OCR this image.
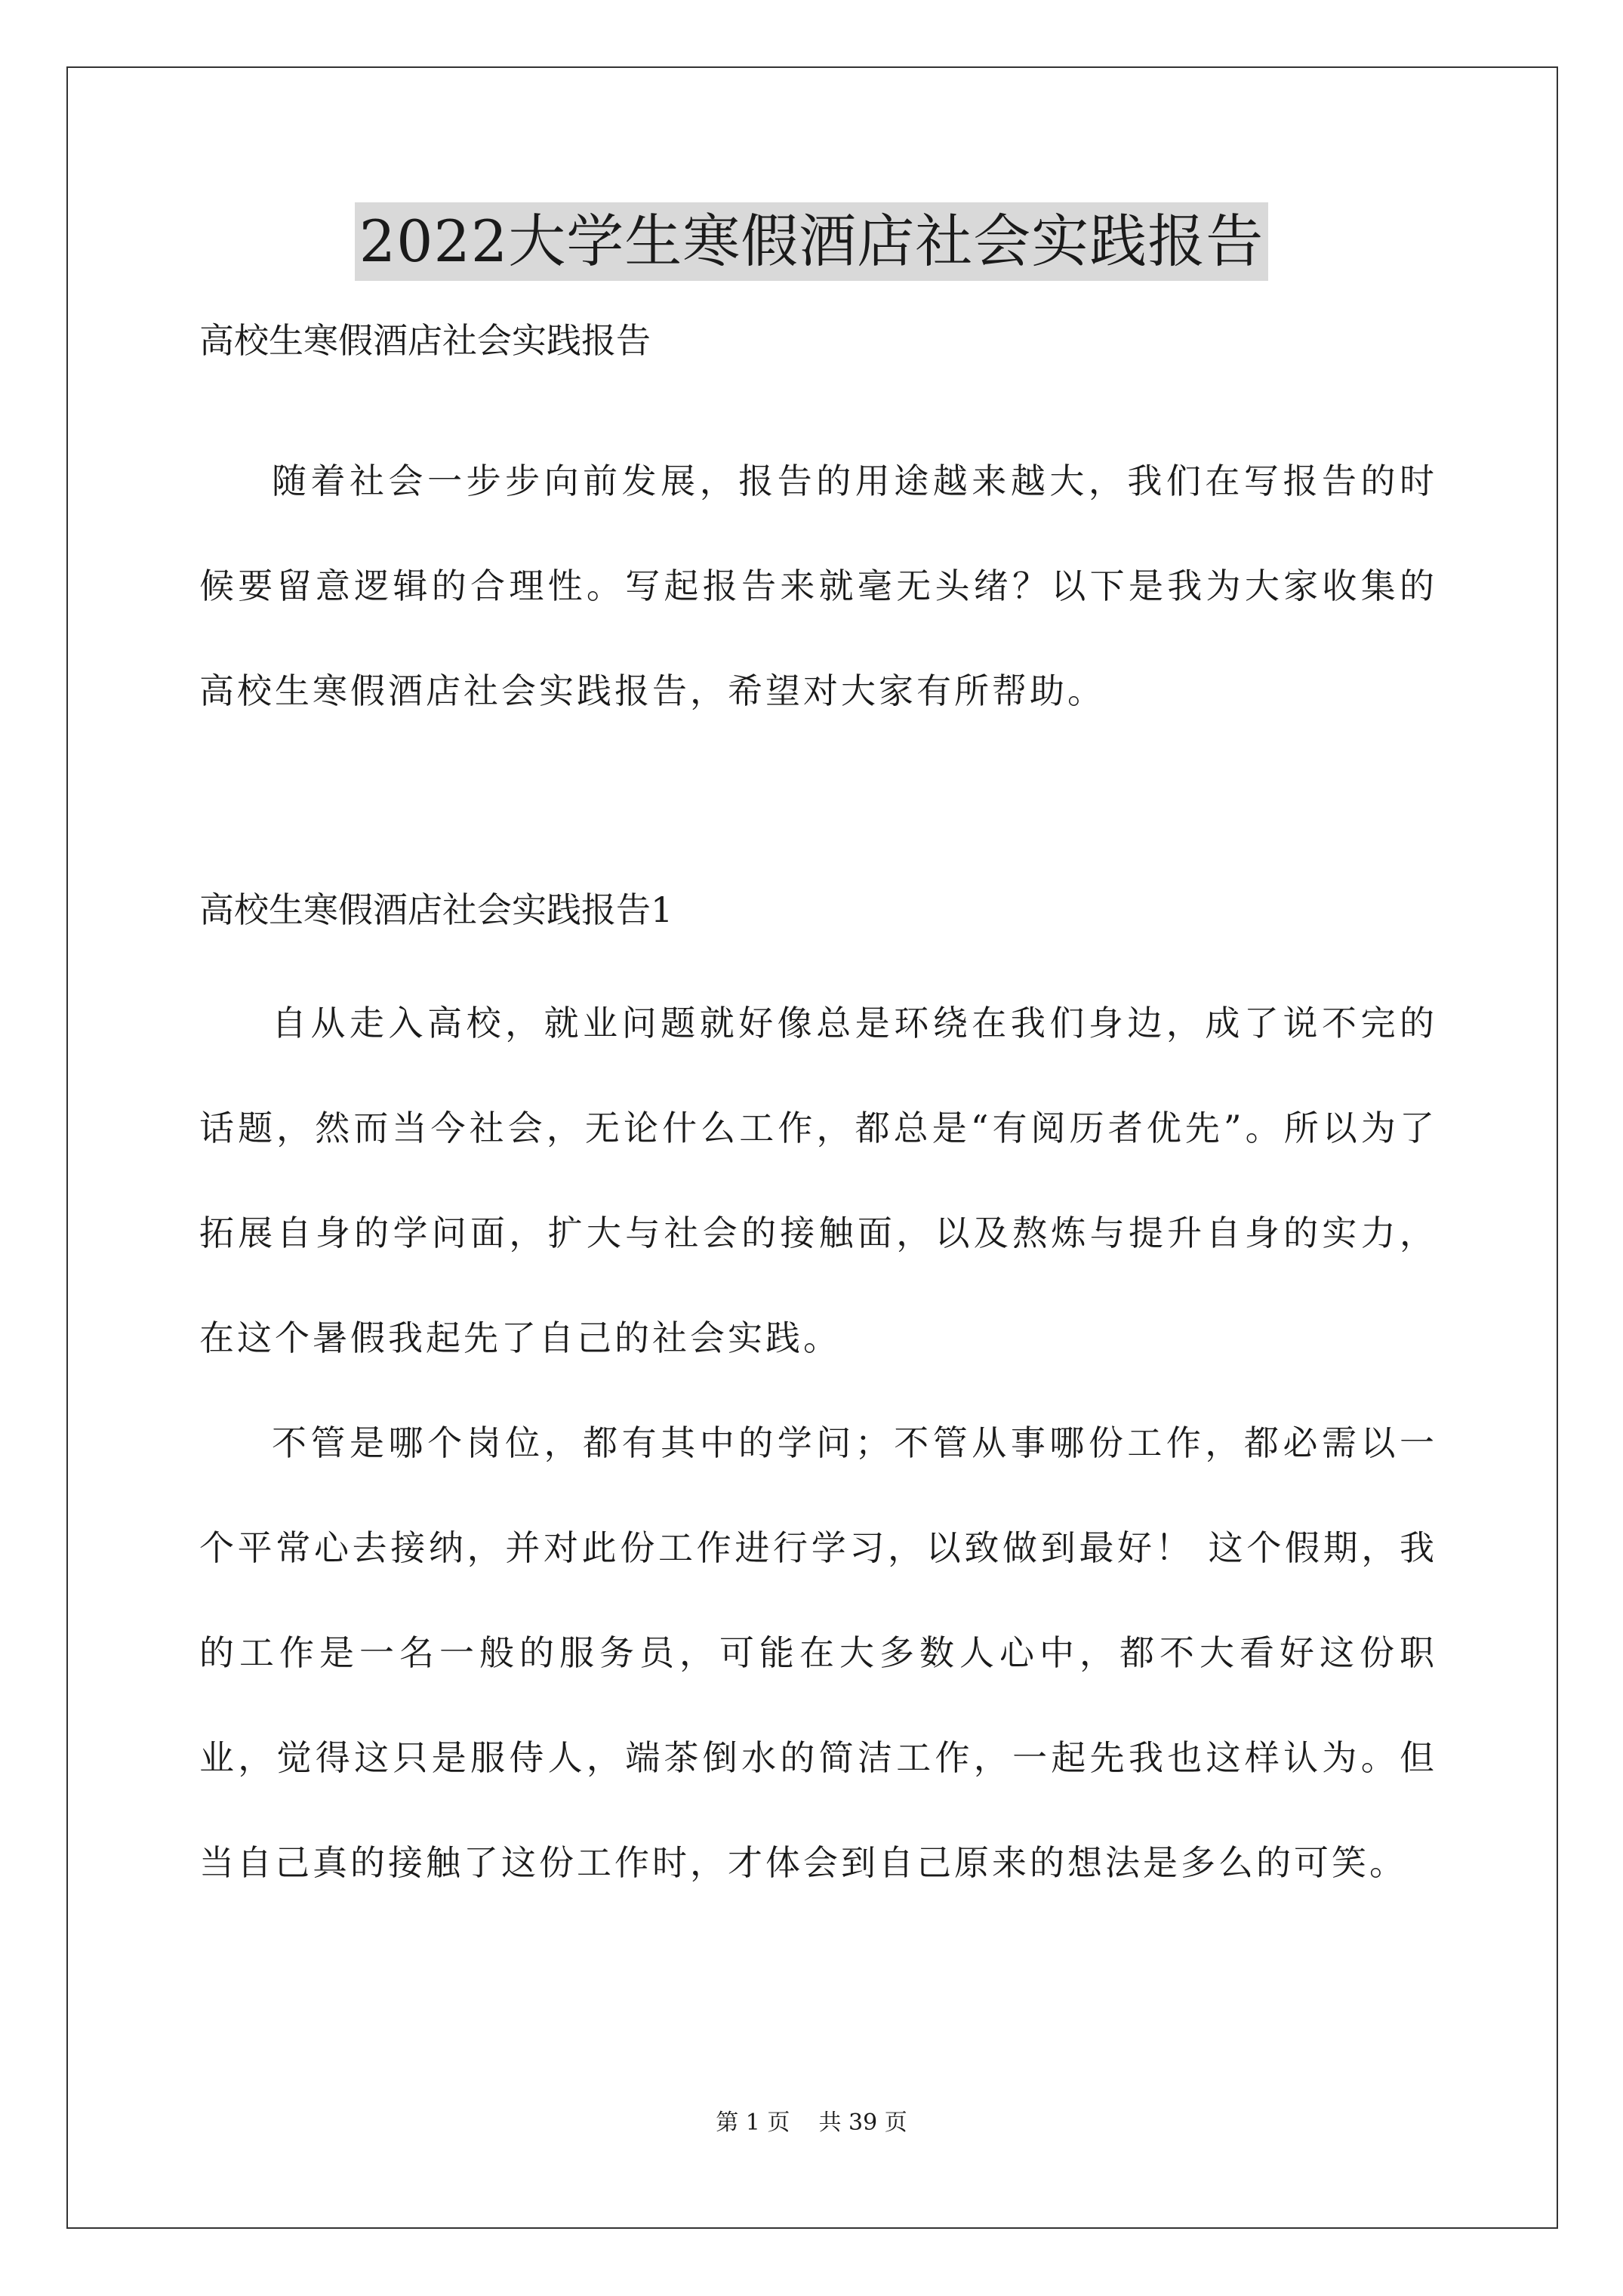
2022大学生寒假酒店社会实践报告

高校生寒假酒店社会实践报告

随着社会一步步向前发展，报告的用途越来越大，我们在写报告的时候要留意逻辑的合理性。写起报告来就毫无头绪？以下是我为大家收集的高校生寒假酒店社会实践报告，希望对大家有所帮助。

高校生寒假酒店社会实践报告1

自从走入高校，就业问题就好像总是环绕在我们身边，成了说不完的话题，然而当今社会，无论什么工作，都总是“有阅历者优先”。所以为了拓展自身的学问面，扩大与社会的接触面，以及熬炼与提升自身的实力，在这个暑假我起先了自己的社会实践。

不管是哪个岗位，都有其中的学问；不管从事哪份工作，都必需以一个平常心去接纳，并对此份工作进行学习，以致做到最好！ 这个假期，我的工作是一名一般的服务员，可能在大多数人心中，都不大看好这份职业，觉得这只是服侍人，端茶倒水的简洁工作，一起先我也这样认为。但当自己真的接触了这份工作时，才体会到自己原来的想法是多么的可笑。

第 1 页    共 39 页
